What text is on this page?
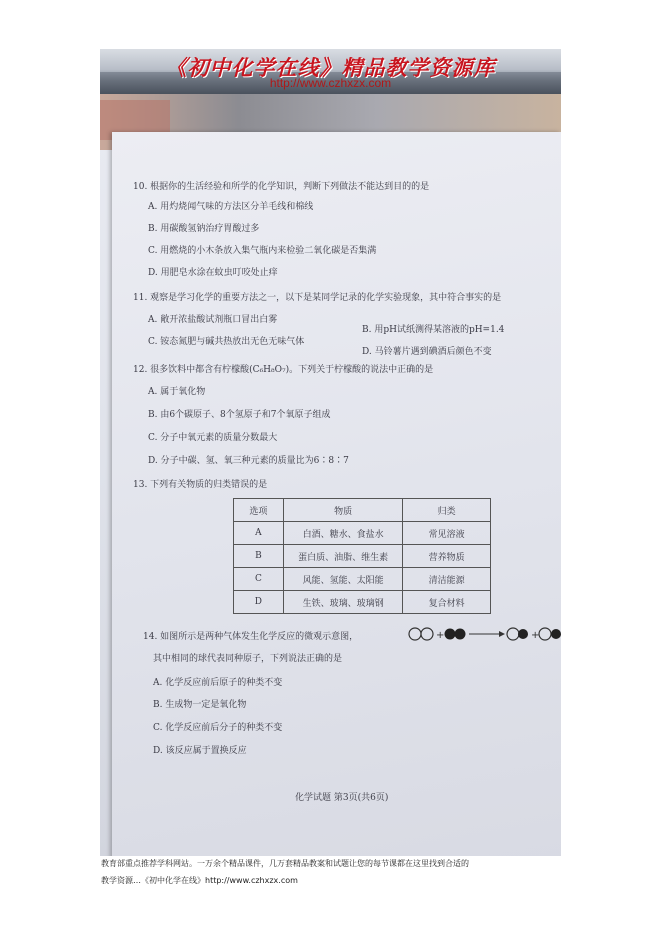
《初中化学在线》精品教学资源库
http://www.czhxzx.com
10. 根据你的生活经验和所学的化学知识，判断下列做法不能达到目的的是
A. 用灼烧闻气味的方法区分羊毛线和棉线
B. 用碳酸氢钠治疗胃酸过多
C. 用燃烧的小木条放入集气瓶内来检验二氧化碳是否集满
D. 用肥皂水涂在蚊虫叮咬处止痒
11. 观察是学习化学的重要方法之一，以下是某同学记录的化学实验现象，其中符合事实的是
A. 敞开浓盐酸试剂瓶口冒出白雾
B. 用pH试纸测得某溶液的pH=1.4
C. 铵态氮肥与碱共热放出无色无味气体
D. 马铃薯片遇到碘酒后颜色不变
12. 很多饮料中都含有柠檬酸(C₆H₈O₇)。下列关于柠檬酸的说法中正确的是
A. 属于氧化物
B. 由6个碳原子、8个氢原子和7个氧原子组成
C. 分子中氧元素的质量分数最大
D. 分子中碳、氢、氧三种元素的质量比为6∶8∶7
13. 下列有关物质的归类错误的是
选项	物质	归类
A	白酒、糖水、食盐水	常见溶液
B	蛋白质、油脂、维生素	营养物质
C	风能、氢能、太阳能	清洁能源
D	生铁、玻璃、玻璃钢	复合材料
14. 如图所示是两种气体发生化学反应的微观示意图，
其中相同的球代表同种原子，下列说法正确的是
A. 化学反应前后原子的种类不变
B. 生成物一定是氧化物
C. 化学反应前后分子的种类不变
D. 该反应属于置换反应
+	+
化学试题 第3页(共6页)
教育部重点推荐学科网站。一万余个精品课件，几万套精品教案和试题让您的每节课都在这里找到合适的
教学资源…《初中化学在线》http://www.czhxzx.com
